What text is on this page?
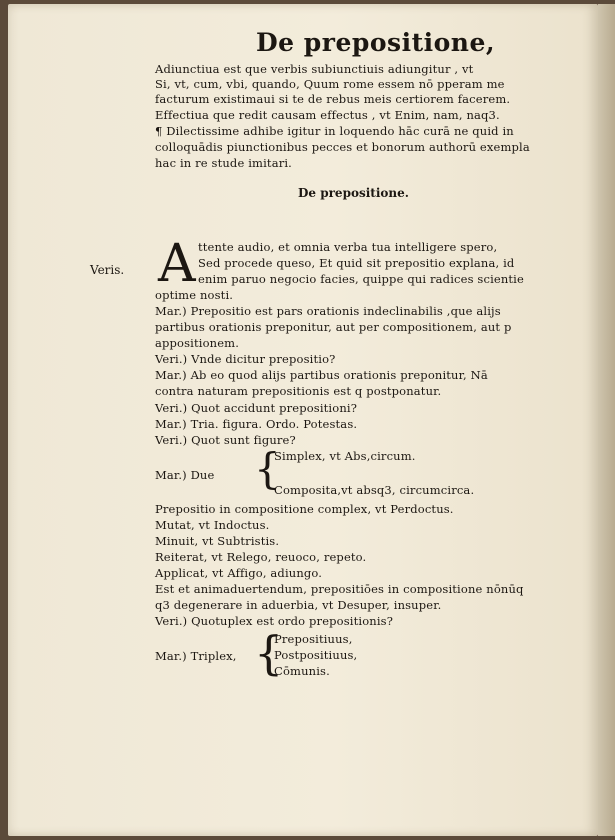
De prepositione,
Adiunctiua est que verbis subiunctiuis adiungitur , vt
Si, vt, cum, vbi, quando, Quum rome essem nō pperam me
facturum existimaui si te de rebus meis certiorem facerem.
Effectiua que redit causam effectus , vt Enim, nam, naq3.
¶ Dilectissime adhibe igitur in loquendo hāc curā ne quid in
colloquādis piunctionibus pecces et bonorum authorū exempla
hac in re stude imitari.
De prepositione.
Veris. A ttente audio, et omnia verba tua intelligere spero,
Sed procede queso, Et quid sit prepositio explana, id
enim paruo negocio facies, quippe qui radices scientie
optime nosti.
Mar.) Prepositio est pars orationis indeclinabilis ,que alijs
partibus orationis preponitur, aut per compositionem, aut p
appositionem.
Veri.) Vnde dicitur prepositio?
Mar.) Ab eo quod alijs partibus orationis preponitur, Nā
contra naturam prepositionis est q postponatur.
Veri.) Quot accidunt prepositioni?
Mar.) Tria. figura. Ordo. Potestas.
Veri.) Quot sunt figure?
Mar.) Due {
Simplex, vt Abs,circum.
Composita,vt absq3, circumcirca.
Prepositio in compositione complex, vt Perdoctus.
Mutat, vt Indoctus.
Minuit, vt Subtristis.
Reiterat, vt Relego, reuoco, repeto.
Applicat, vt Affigo, adiungo.
Est et animaduertendum, prepositiōes in compositione nōnūq
q3 degenerare in aduerbia, vt Desuper, insuper.
Veri.) Quotuplex est ordo prepositionis?
Mar.) Triplex, {
Prepositiuus,
Postpositiuus,
Cōmunis.
